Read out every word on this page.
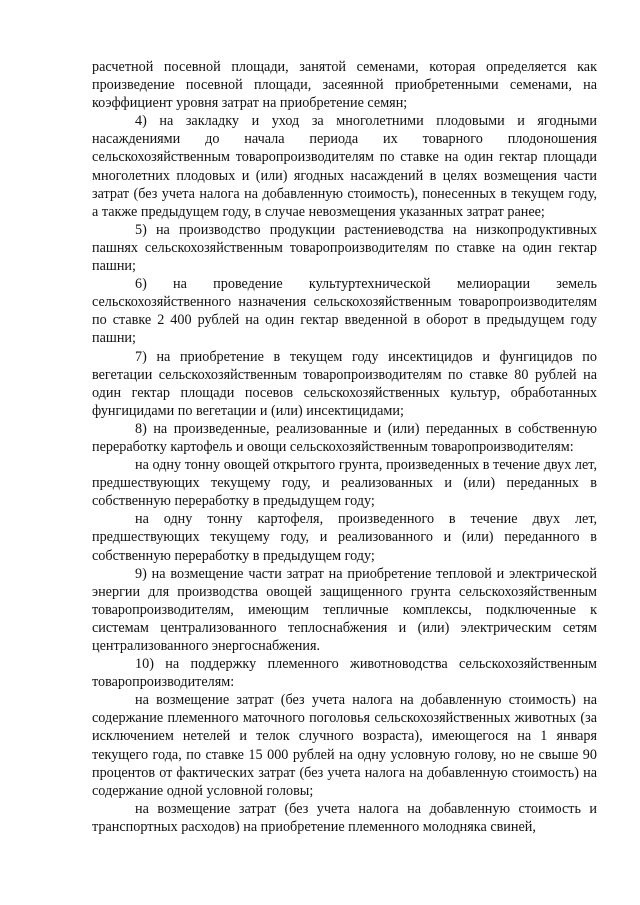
расчетной посевной площади, занятой семенами, которая определяется как произведение посевной площади, засеянной приобретенными семенами, на коэффициент уровня затрат на приобретение семян;

4) на закладку и уход за многолетними плодовыми и ягодными насаждениями до начала периода их товарного плодоношения сельскохозяйственным товаропроизводителям по ставке на один гектар площади многолетних плодовых и (или) ягодных насаждений в целях возмещения части затрат (без учета налога на добавленную стоимость), понесенных в текущем году, а также предыдущем году, в случае невозмещения указанных затрат ранее;

5) на производство продукции растениеводства на низкопродуктивных пашнях сельскохозяйственным товаропроизводителям по ставке на один гектар пашни;

6) на проведение культуртехнической мелиорации земель сельскохозяйственного назначения сельскохозяйственным товаропроизводителям по ставке 2 400 рублей на один гектар введенной в оборот в предыдущем году пашни;

7) на приобретение в текущем году инсектицидов и фунгицидов по вегетации сельскохозяйственным товаропроизводителям по ставке 80 рублей на один гектар площади посевов сельскохозяйственных культур, обработанных фунгицидами по вегетации и (или) инсектицидами;

8) на произведенные, реализованные и (или) переданных в собственную переработку картофель и овощи сельскохозяйственным товаропроизводителям:

на одну тонну овощей открытого грунта, произведенных в течение двух лет, предшествующих текущему году, и реализованных и (или) переданных в собственную переработку в предыдущем году;

на одну тонну картофеля, произведенного в течение двух лет, предшествующих текущему году, и реализованного и (или) переданного в собственную переработку в предыдущем году;

9) на возмещение части затрат на приобретение тепловой и электрической энергии для производства овощей защищенного грунта сельскохозяйственным товаропроизводителям, имеющим тепличные комплексы, подключенные к системам централизованного теплоснабжения и (или) электрическим сетям централизованного энергоснабжения.

10) на поддержку племенного животноводства сельскохозяйственным товаропроизводителям:

на возмещение затрат (без учета налога на добавленную стоимость) на содержание племенного маточного поголовья сельскохозяйственных животных (за исключением нетелей и телок случного возраста), имеющегося на 1 января текущего года, по ставке 15 000 рублей на одну условную голову, но не свыше 90 процентов от фактических затрат (без учета налога на добавленную стоимость) на содержание одной условной головы;

на возмещение затрат (без учета налога на добавленную стоимость и транспортных расходов) на приобретение племенного молодняка свиней,
